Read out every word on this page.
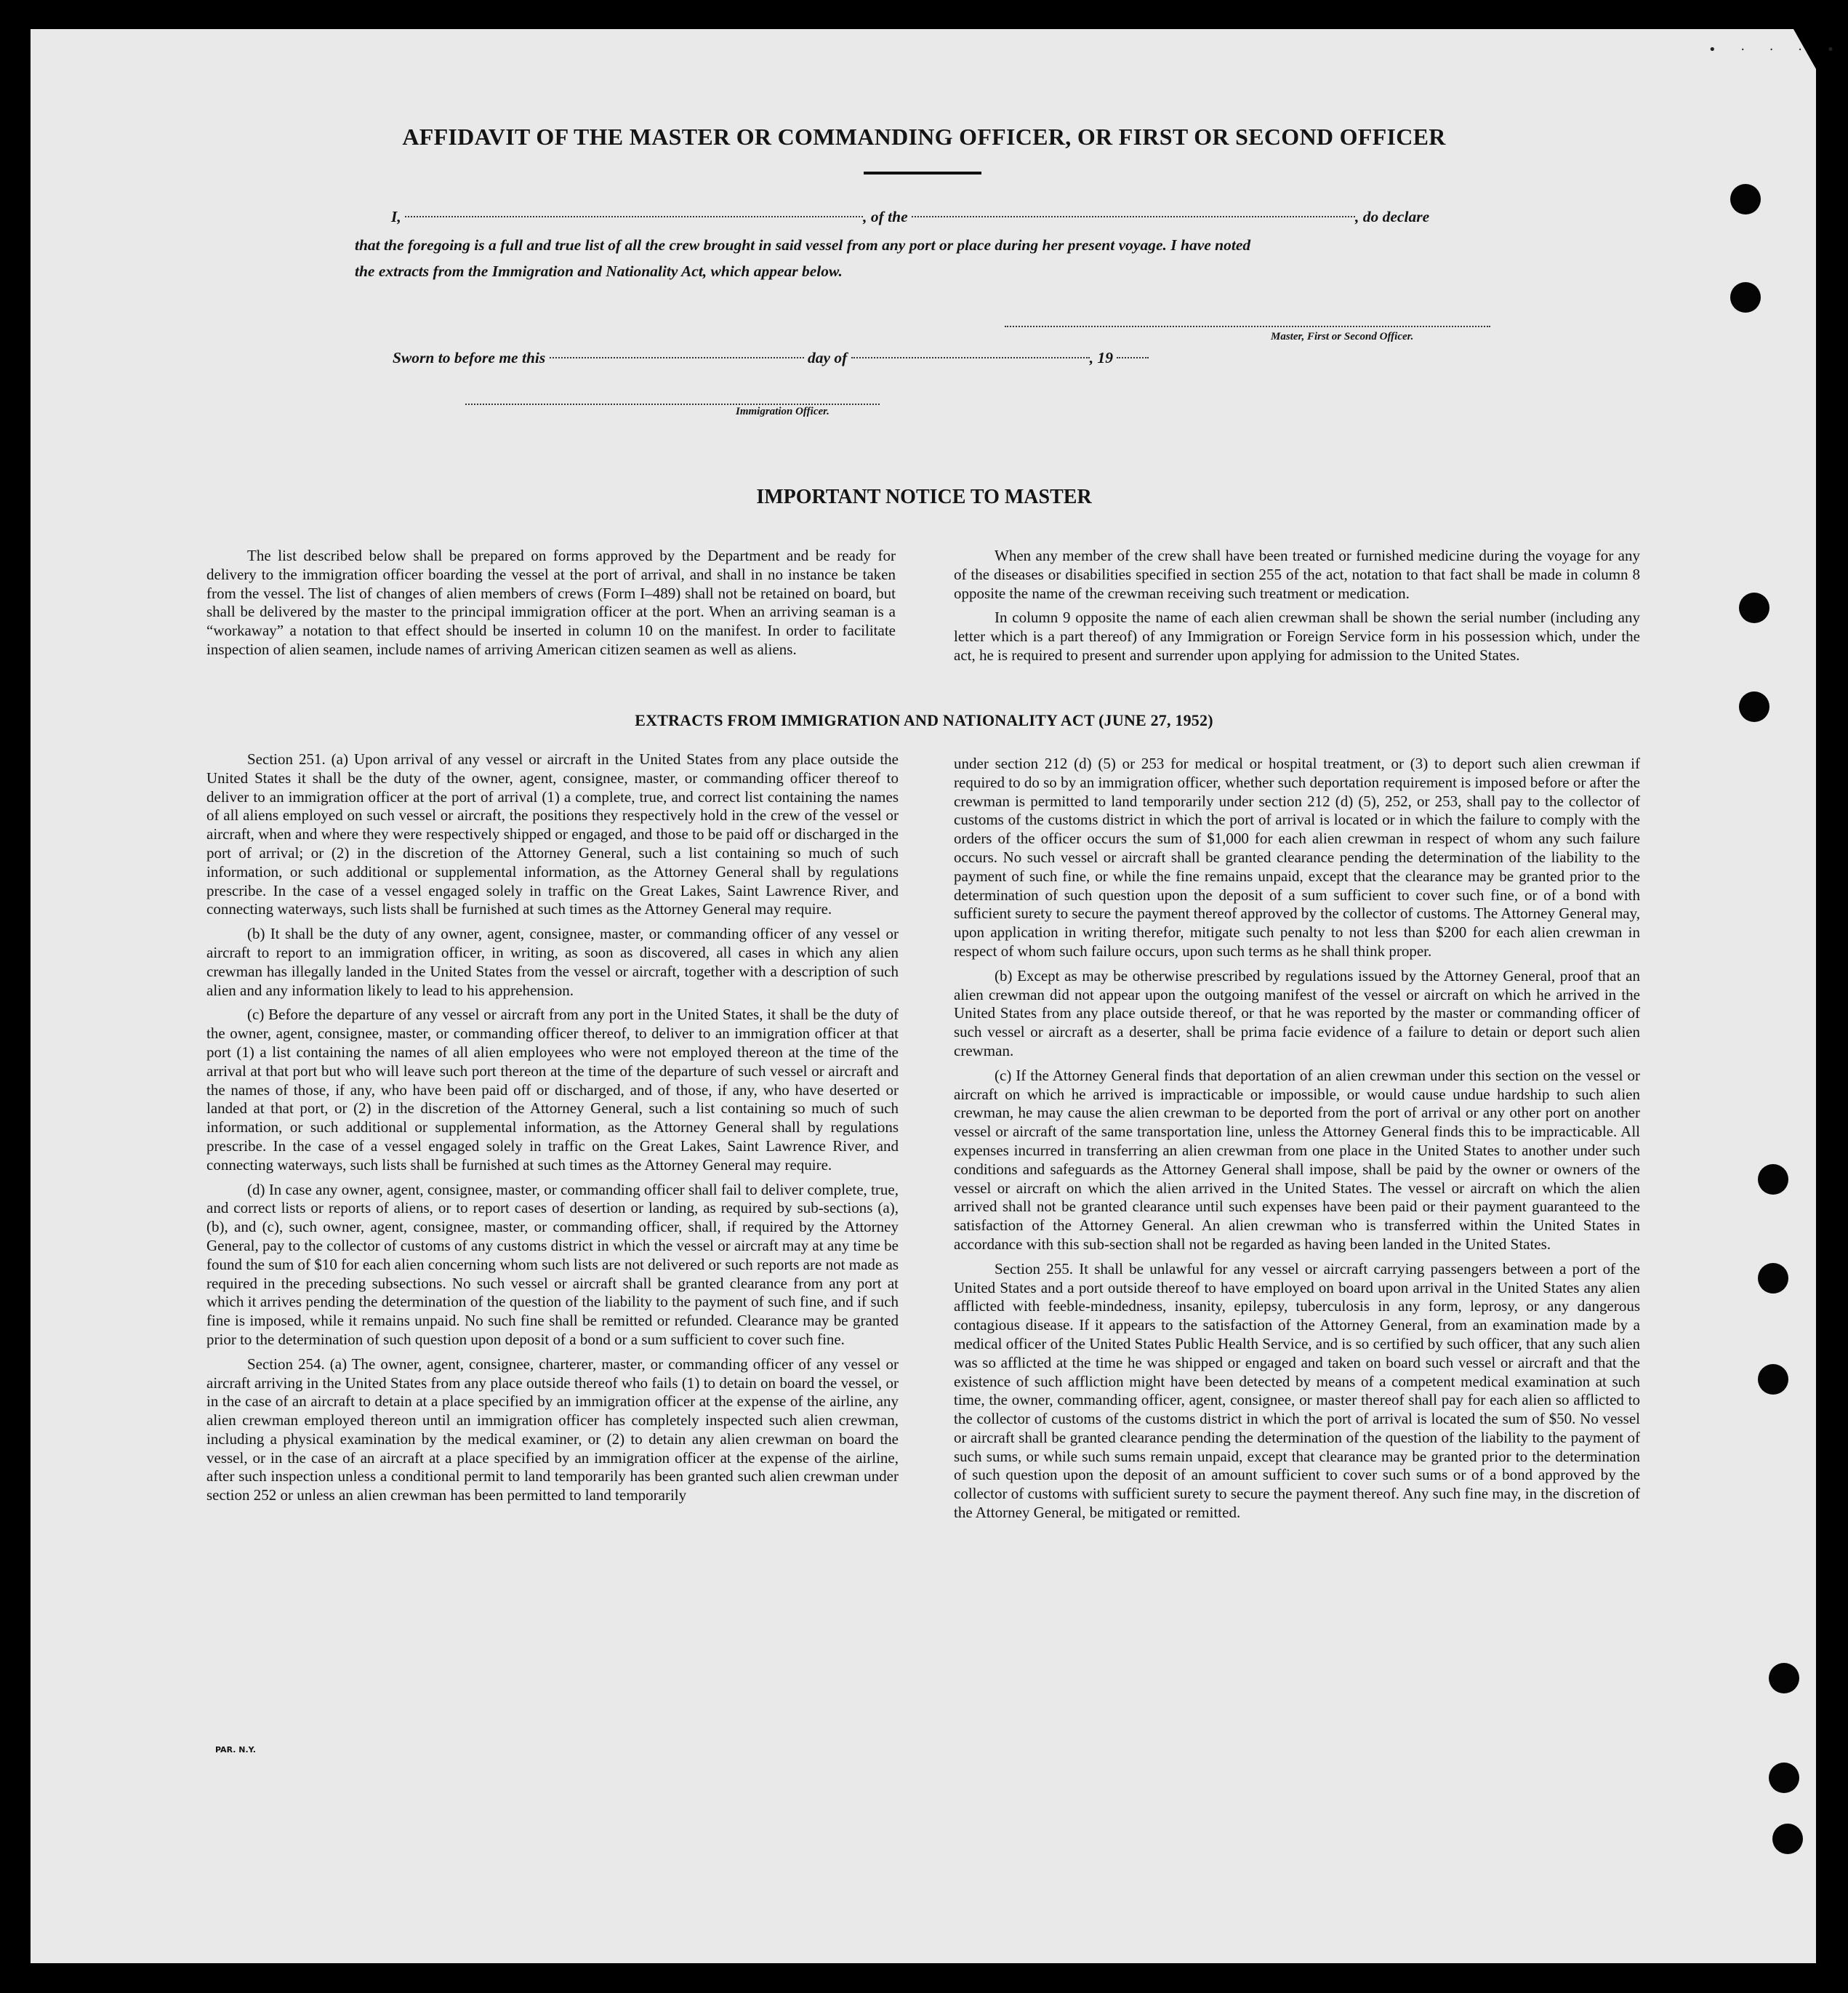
• · · · •
AFFIDAVIT OF THE MASTER OR COMMANDING OFFICER, OR FIRST OR SECOND OFFICER
I,	, of the	, do declare
that the foregoing is a full and true list of all the crew brought in said vessel from any port or place during her present voyage. I have noted
the extracts from the Immigration and Nationality Act, which appear below.
Master, First or Second Officer.
Sworn to before me this	day of	, 19
Immigration Officer.
IMPORTANT NOTICE TO MASTER

The list described below shall be prepared on forms approved by the Department and be ready for delivery to the immigration officer boarding the vessel at the port of arrival, and shall in no instance be taken from the vessel. The list of changes of alien members of crews (Form I–489) shall not be retained on board, but shall be delivered by the master to the principal immigration officer at the port. When an arriving seaman is a “workaway” a notation to that effect should be inserted in column 10 on the manifest. In order to facilitate inspection of alien seamen, include names of arriving American citizen seamen as well as aliens.

When any member of the crew shall have been treated or furnished medicine during the voyage for any of the diseases or disabilities specified in section 255 of the act, notation to that fact shall be made in column 8 opposite the name of the crewman receiving such treatment or medication.

In column 9 opposite the name of each alien crewman shall be shown the serial number (including any letter which is a part thereof) of any Immigration or Foreign Service form in his possession which, under the act, he is required to present and surrender upon applying for admission to the United States.

EXTRACTS FROM IMMIGRATION AND NATIONALITY ACT (JUNE 27, 1952)

Section 251. (a) Upon arrival of any vessel or aircraft in the United States from any place outside the United States it shall be the duty of the owner, agent, consignee, master, or commanding officer thereof to deliver to an immigration officer at the port of arrival (1) a complete, true, and correct list containing the names of all aliens employed on such vessel or aircraft, the positions they respectively hold in the crew of the vessel or aircraft, when and where they were respectively shipped or engaged, and those to be paid off or discharged in the port of arrival; or (2) in the discretion of the Attorney General, such a list containing so much of such information, or such additional or supplemental information, as the Attorney General shall by regulations prescribe. In the case of a vessel engaged solely in traffic on the Great Lakes, Saint Lawrence River, and connecting waterways, such lists shall be furnished at such times as the Attorney General may require.

(b) It shall be the duty of any owner, agent, consignee, master, or commanding officer of any vessel or aircraft to report to an immigration officer, in writing, as soon as discovered, all cases in which any alien crewman has illegally landed in the United States from the vessel or aircraft, together with a description of such alien and any information likely to lead to his apprehension.

(c) Before the departure of any vessel or aircraft from any port in the United States, it shall be the duty of the owner, agent, consignee, master, or commanding officer thereof, to deliver to an immigration officer at that port (1) a list containing the names of all alien employees who were not employed thereon at the time of the arrival at that port but who will leave such port thereon at the time of the departure of such vessel or aircraft and the names of those, if any, who have been paid off or discharged, and of those, if any, who have deserted or landed at that port, or (2) in the discretion of the Attorney General, such a list containing so much of such information, or such additional or supplemental information, as the Attorney General shall by regulations prescribe. In the case of a vessel engaged solely in traffic on the Great Lakes, Saint Lawrence River, and connecting waterways, such lists shall be furnished at such times as the Attorney General may require.

(d) In case any owner, agent, consignee, master, or commanding officer shall fail to deliver complete, true, and correct lists or reports of aliens, or to report cases of desertion or landing, as required by sub-sections (a), (b), and (c), such owner, agent, consignee, master, or commanding officer, shall, if required by the Attorney General, pay to the collector of customs of any customs district in which the vessel or aircraft may at any time be found the sum of $10 for each alien concerning whom such lists are not delivered or such reports are not made as required in the preceding subsections. No such vessel or aircraft shall be granted clearance from any port at which it arrives pending the determination of the question of the liability to the payment of such fine, and if such fine is imposed, while it remains unpaid. No such fine shall be remitted or refunded. Clearance may be granted prior to the determination of such question upon deposit of a bond or a sum sufficient to cover such fine.

Section 254. (a) The owner, agent, consignee, charterer, master, or commanding officer of any vessel or aircraft arriving in the United States from any place outside thereof who fails (1) to detain on board the vessel, or in the case of an aircraft to detain at a place specified by an immigration officer at the expense of the airline, any alien crewman employed thereon until an immigration officer has completely inspected such alien crewman, including a physical examination by the medical examiner, or (2) to detain any alien crewman on board the vessel, or in the case of an aircraft at a place specified by an immigration officer at the expense of the airline, after such inspection unless a conditional permit to land temporarily has been granted such alien crewman under section 252 or unless an alien crewman has been permitted to land temporarily

under section 212 (d) (5) or 253 for medical or hospital treatment, or (3) to deport such alien crewman if required to do so by an immigration officer, whether such deportation requirement is imposed before or after the crewman is permitted to land temporarily under section 212 (d) (5), 252, or 253, shall pay to the collector of customs of the customs district in which the port of arrival is located or in which the failure to comply with the orders of the officer occurs the sum of $1,000 for each alien crewman in respect of whom any such failure occurs. No such vessel or aircraft shall be granted clearance pending the determination of the liability to the payment of such fine, or while the fine remains unpaid, except that the clearance may be granted prior to the determination of such question upon the deposit of a sum sufficient to cover such fine, or of a bond with sufficient surety to secure the payment thereof approved by the collector of customs. The Attorney General may, upon application in writing therefor, mitigate such penalty to not less than $200 for each alien crewman in respect of whom such failure occurs, upon such terms as he shall think proper.

(b) Except as may be otherwise prescribed by regulations issued by the Attorney General, proof that an alien crewman did not appear upon the outgoing manifest of the vessel or aircraft on which he arrived in the United States from any place outside thereof, or that he was reported by the master or commanding officer of such vessel or aircraft as a deserter, shall be prima facie evidence of a failure to detain or deport such alien crewman.

(c) If the Attorney General finds that deportation of an alien crewman under this section on the vessel or aircraft on which he arrived is impracticable or impossible, or would cause undue hardship to such alien crewman, he may cause the alien crewman to be deported from the port of arrival or any other port on another vessel or aircraft of the same transportation line, unless the Attorney General finds this to be impracticable. All expenses incurred in transferring an alien crewman from one place in the United States to another under such conditions and safeguards as the Attorney General shall impose, shall be paid by the owner or owners of the vessel or aircraft on which the alien arrived in the United States. The vessel or aircraft on which the alien arrived shall not be granted clearance until such expenses have been paid or their payment guaranteed to the satisfaction of the Attorney General. An alien crewman who is transferred within the United States in accordance with this sub-section shall not be regarded as having been landed in the United States.

Section 255. It shall be unlawful for any vessel or aircraft carrying passengers between a port of the United States and a port outside thereof to have employed on board upon arrival in the United States any alien afflicted with feeble-mindedness, insanity, epilepsy, tuberculosis in any form, leprosy, or any dangerous contagious disease. If it appears to the satisfaction of the Attorney General, from an examination made by a medical officer of the United States Public Health Service, and is so certified by such officer, that any such alien was so afflicted at the time he was shipped or engaged and taken on board such vessel or aircraft and that the existence of such affliction might have been detected by means of a competent medical examination at such time, the owner, commanding officer, agent, consignee, or master thereof shall pay for each alien so afflicted to the collector of customs of the customs district in which the port of arrival is located the sum of $50. No vessel or aircraft shall be granted clearance pending the determination of the question of the liability to the payment of such sums, or while such sums remain unpaid, except that clearance may be granted prior to the determination of such question upon the deposit of an amount sufficient to cover such sums or of a bond approved by the collector of customs with sufficient surety to secure the payment thereof. Any such fine may, in the discretion of the Attorney General, be mitigated or remitted.

PAR. N.Y.
